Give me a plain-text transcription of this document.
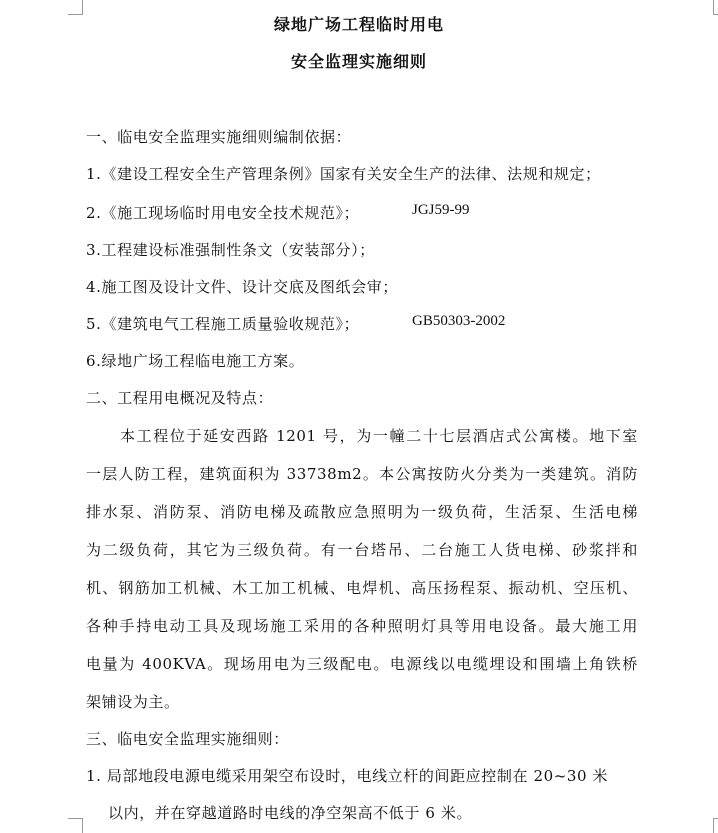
绿地广场工程临时用电
安全监理实施细则
一、临电安全监理实施细则编制依据：
1.《建设工程安全生产管理条例》国家有关安全生产的法律、法规和规定；
2.《施工现场临时用电安全技术规范》；	JGJ59-99
3.工程建设标准强制性条文（安装部分）；
4.施工图及设计文件、设计交底及图纸会审；
5.《建筑电气工程施工质量验收规范》；	GB50303-2002
6.绿地广场工程临电施工方案。
二、工程用电概况及特点：
本工程位于延安西路 1201 号，为一幢二十七层酒店式公寓楼。地下室
一层人防工程，建筑面积为 33738m2。本公寓按防火分类为一类建筑。消防
排水泵、消防泵、消防电梯及疏散应急照明为一级负荷，生活泵、生活电梯
为二级负荷，其它为三级负荷。有一台塔吊、二台施工人货电梯、砂浆拌和
机、钢筋加工机械、木工加工机械、电焊机、高压扬程泵、振动机、空压机、
各种手持电动工具及现场施工采用的各种照明灯具等用电设备。最大施工用
电量为 400KVA。现场用电为三级配电。电源线以电缆埋设和围墙上角铁桥
架铺设为主。
三、临电安全监理实施细则：
1. 局部地段电源电缆采用架空布设时，电线立杆的间距应控制在 20~30 米
以内，并在穿越道路时电线的净空架高不低于 6 米。
